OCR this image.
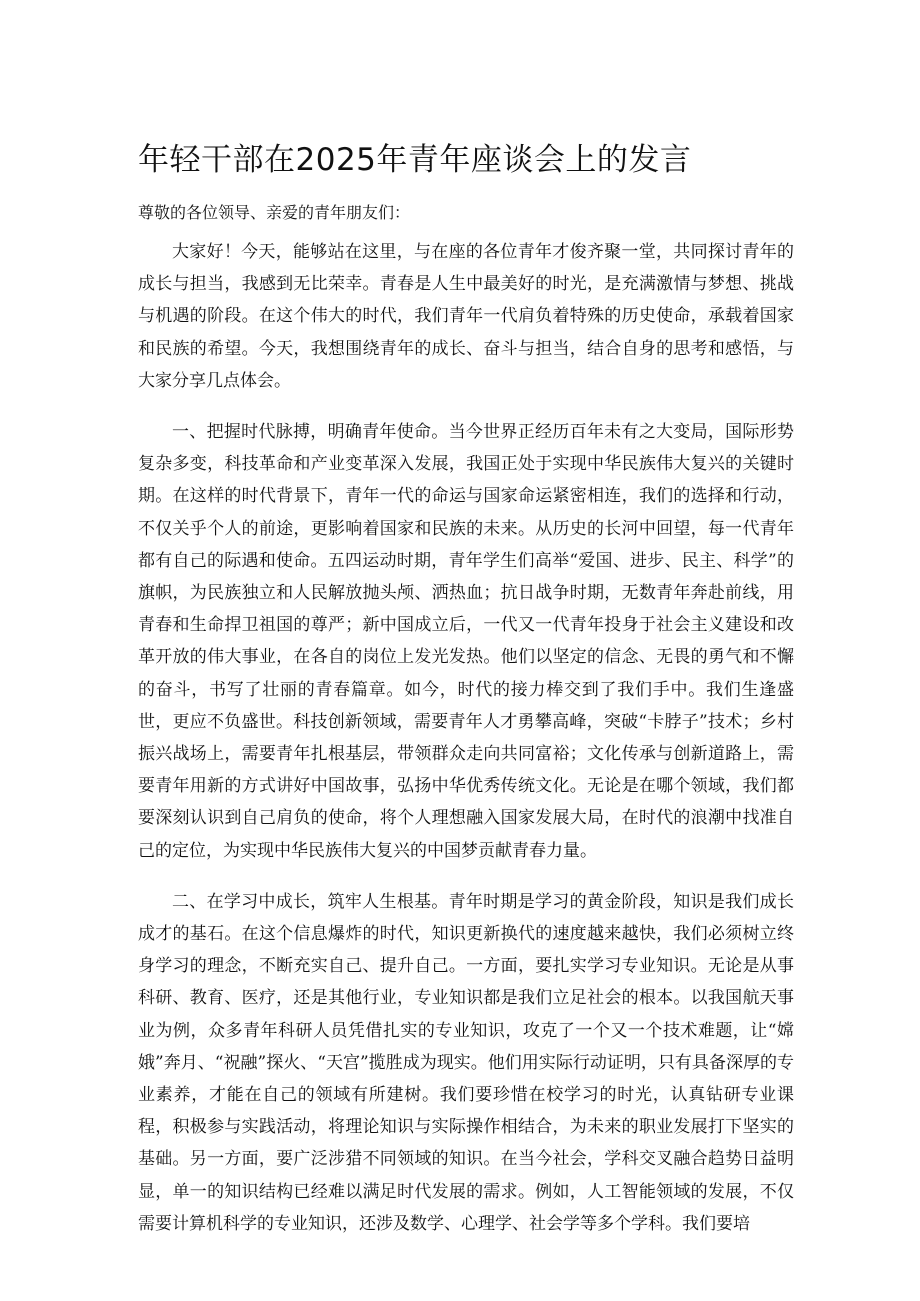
年轻干部在2025年青年座谈会上的发言

尊敬的各位领导、亲爱的青年朋友们：

大家好！今天，能够站在这里，与在座的各位青年才俊齐聚一堂，共同探讨青年的成长与担当，我感到无比荣幸。青春是人生中最美好的时光，是充满激情与梦想、挑战与机遇的阶段。在这个伟大的时代，我们青年一代肩负着特殊的历史使命，承载着国家和民族的希望。今天，我想围绕青年的成长、奋斗与担当，结合自身的思考和感悟，与大家分享几点体会。

一、把握时代脉搏，明确青年使命。当今世界正经历百年未有之大变局，国际形势复杂多变，科技革命和产业变革深入发展，我国正处于实现中华民族伟大复兴的关键时期。在这样的时代背景下，青年一代的命运与国家命运紧密相连，我们的选择和行动，不仅关乎个人的前途，更影响着国家和民族的未来。从历史的长河中回望，每一代青年都有自己的际遇和使命。五四运动时期，青年学生们高举“爱国、进步、民主、科学”的旗帜，为民族独立和人民解放抛头颅、洒热血；抗日战争时期，无数青年奔赴前线，用青春和生命捍卫祖国的尊严；新中国成立后，一代又一代青年投身于社会主义建设和改革开放的伟大事业，在各自的岗位上发光发热。他们以坚定的信念、无畏的勇气和不懈的奋斗，书写了壮丽的青春篇章。如今，时代的接力棒交到了我们手中。我们生逢盛世，更应不负盛世。科技创新领域，需要青年人才勇攀高峰，突破“卡脖子”技术；乡村振兴战场上，需要青年扎根基层，带领群众走向共同富裕；文化传承与创新道路上，需要青年用新的方式讲好中国故事，弘扬中华优秀传统文化。无论是在哪个领域，我们都要深刻认识到自己肩负的使命，将个人理想融入国家发展大局，在时代的浪潮中找准自己的定位，为实现中华民族伟大复兴的中国梦贡献青春力量。

二、在学习中成长，筑牢人生根基。青年时期是学习的黄金阶段，知识是我们成长成才的基石。在这个信息爆炸的时代，知识更新换代的速度越来越快，我们必须树立终身学习的理念，不断充实自己、提升自己。一方面，要扎实学习专业知识。无论是从事科研、教育、医疗，还是其他行业，专业知识都是我们立足社会的根本。以我国航天事业为例，众多青年科研人员凭借扎实的专业知识，攻克了一个又一个技术难题，让“嫦娥”奔月、“祝融”探火、“天宫”揽胜成为现实。他们用实际行动证明，只有具备深厚的专业素养，才能在自己的领域有所建树。我们要珍惜在校学习的时光，认真钻研专业课程，积极参与实践活动，将理论知识与实际操作相结合，为未来的职业发展打下坚实的基础。另一方面，要广泛涉猎不同领域的知识。在当今社会，学科交叉融合趋势日益明显，单一的知识结构已经难以满足时代发展的需求。例如，人工智能领域的发展，不仅需要计算机科学的专业知识，还涉及数学、心理学、社会学等多个学科。我们要培
